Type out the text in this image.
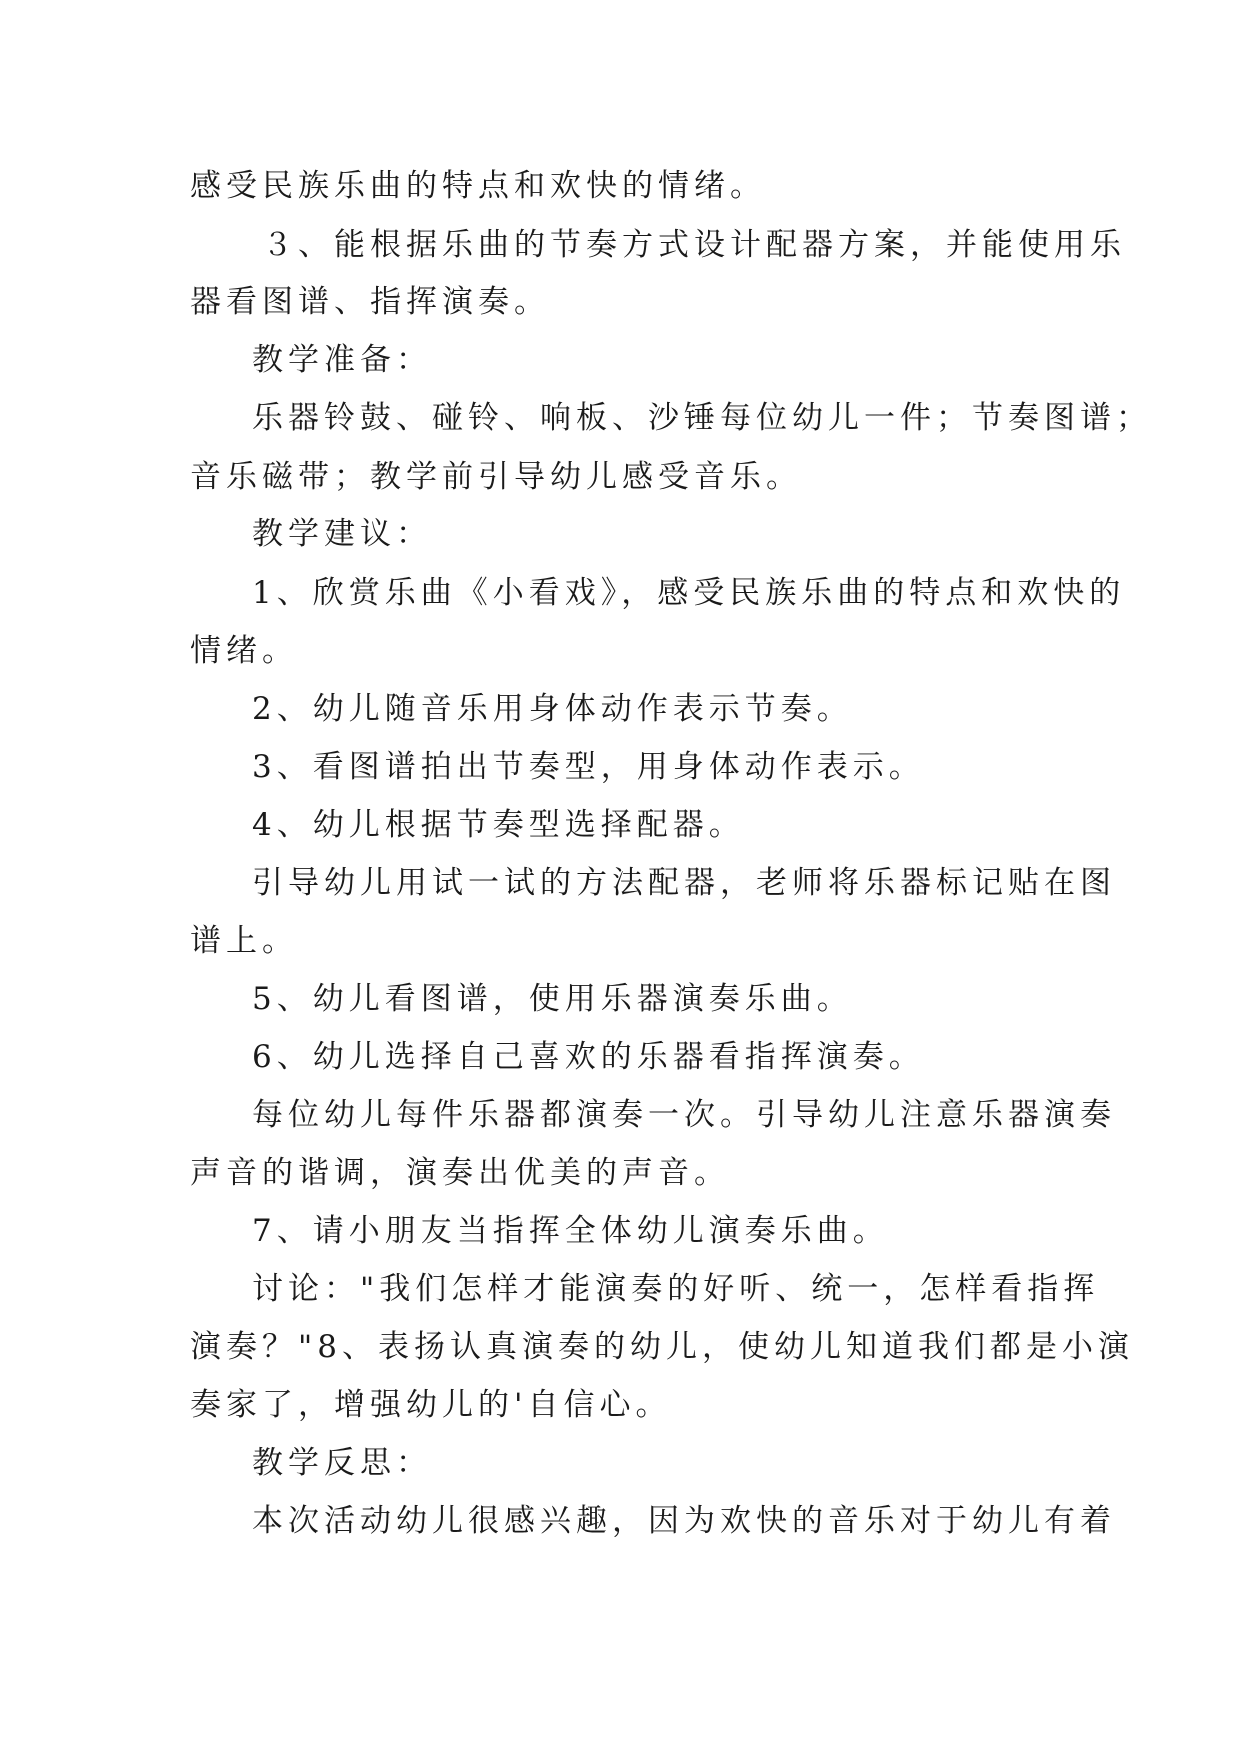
感受民族乐曲的特点和欢快的情绪。
３、能根据乐曲的节奏方式设计配器方案，并能使用乐
器看图谱、指挥演奏。
教学准备：
乐器铃鼓、碰铃、响板、沙锤每位幼儿一件；节奏图谱；
音乐磁带；教学前引导幼儿感受音乐。
教学建议：
1、欣赏乐曲《小看戏》，感受民族乐曲的特点和欢快的
情绪。
2、幼儿随音乐用身体动作表示节奏。
3、看图谱拍出节奏型，用身体动作表示。
4、幼儿根据节奏型选择配器。
引导幼儿用试一试的方法配器，老师将乐器标记贴在图
谱上。
5、幼儿看图谱，使用乐器演奏乐曲。
6、幼儿选择自己喜欢的乐器看指挥演奏。
每位幼儿每件乐器都演奏一次。引导幼儿注意乐器演奏
声音的谐调，演奏出优美的声音。
7、请小朋友当指挥全体幼儿演奏乐曲。
讨论："我们怎样才能演奏的好听、统一，怎样看指挥
演奏？"8、表扬认真演奏的幼儿，使幼儿知道我们都是小演
奏家了，增强幼儿的'自信心。
教学反思：
本次活动幼儿很感兴趣，因为欢快的音乐对于幼儿有着
